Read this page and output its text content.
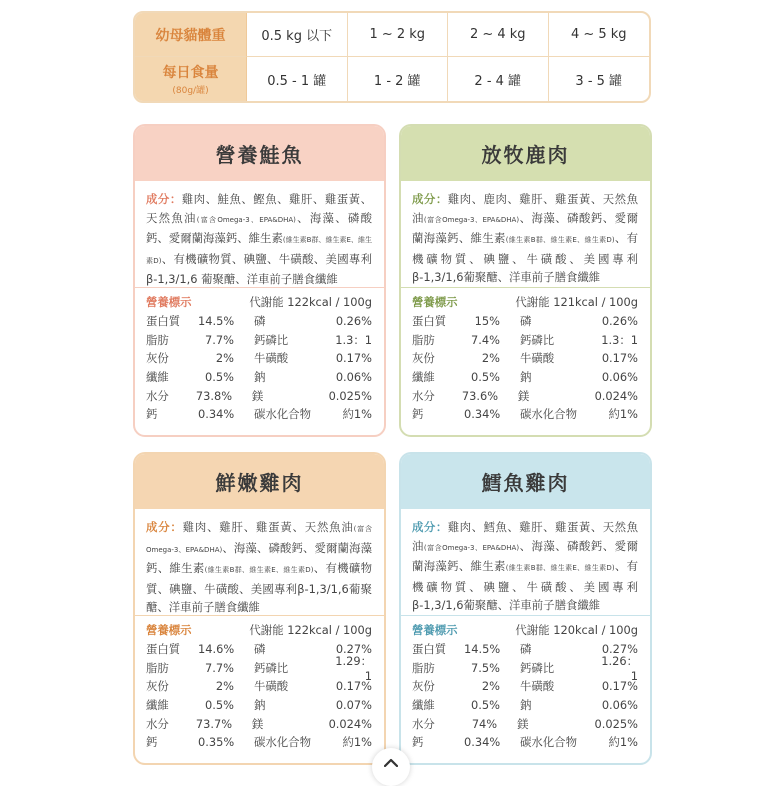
幼母貓體重	0.5 kg 以下	1 ~ 2 kg	2 ~ 4 kg	4 ~ 5 kg
每日食量
(80g/罐)
0.5 - 1 罐	1 - 2 罐	2 - 4 罐	3 - 5 罐
營養鮭魚
成分：雞肉、鮭魚、鰹魚、雞肝、雞蛋黃、天然魚油(富含Omega-3、EPA&DHA)、海藻、磷酸鈣、愛爾蘭海藻鈣、維生素(維生素B群、維生素E、維生素D)、有機礦物質、碘鹽、牛磺酸、美國專利β-1,3/1,6 葡聚醣、洋車前子膳食纖維
營養標示	代謝能 122kcal / 100g
蛋白質	14.5%	磷	0.26%
脂肪	7.7%	鈣磷比	1.3：1
灰份	2%	牛磺酸	0.17%
纖維	0.5%	鈉	0.06%
水分	73.8%	鎂	0.025%
鈣	0.34%	碳水化合物	約1%
放牧鹿肉
成分：雞肉、鹿肉、雞肝、雞蛋黃、天然魚油(富含Omega-3、EPA&DHA)、海藻、磷酸鈣、愛爾蘭海藻鈣、維生素(維生素B群、維生素E、維生素D)、有機礦物質、碘鹽、牛磺酸、美國專利β-1,3/1,6葡聚醣、洋車前子膳食纖維
營養標示	代謝能 121kcal / 100g
蛋白質	15%	磷	0.26%
脂肪	7.4%	鈣磷比	1.3：1
灰份	2%	牛磺酸	0.17%
纖維	0.5%	鈉	0.06%
水分	73.6%	鎂	0.024%
鈣	0.34%	碳水化合物	約1%
鮮嫩雞肉
成分：雞肉、雞肝、雞蛋黃、天然魚油(富含Omega-3、EPA&DHA)、海藻、磷酸鈣、愛爾蘭海藻鈣、維生素(維生素B群、維生素E、維生素D)、有機礦物質、碘鹽、牛磺酸、美國專利β-1,3/1,6葡聚醣、洋車前子膳食纖維
營養標示	代謝能 122kcal / 100g
蛋白質	14.6%	磷	0.27%
脂肪	7.7%	鈣磷比	1.29：1
灰份	2%	牛磺酸	0.17%
纖維	0.5%	鈉	0.07%
水分	73.7%	鎂	0.024%
鈣	0.35%	碳水化合物	約1%
鱈魚雞肉
成分：雞肉、鱈魚、雞肝、雞蛋黃、天然魚油(富含Omega-3、EPA&DHA)、海藻、磷酸鈣、愛爾蘭海藻鈣、維生素(維生素B群、維生素E、維生素D)、有機礦物質、碘鹽、牛磺酸、美國專利β-1,3/1,6葡聚醣、洋車前子膳食纖維
營養標示	代謝能 120kcal / 100g
蛋白質	14.5%	磷	0.27%
脂肪	7.5%	鈣磷比	1.26：1
灰份	2%	牛磺酸	0.17%
纖維	0.5%	鈉	0.06%
水分	74%	鎂	0.025%
鈣	0.34%	碳水化合物	約1%
